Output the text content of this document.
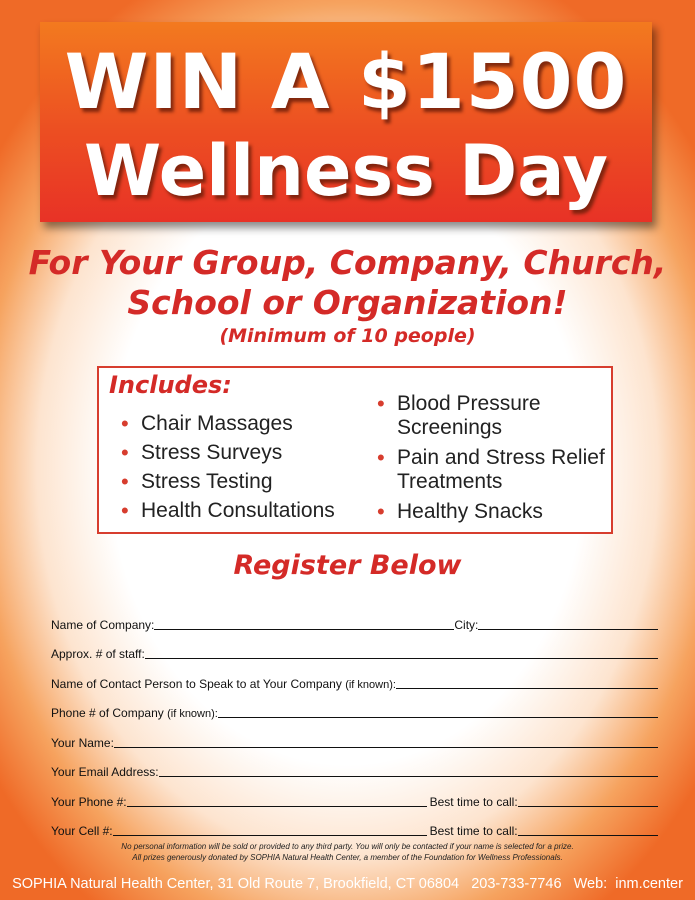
WIN A $1500
Wellness Day
For Your Group, Company, Church,
School or Organization!
(Minimum of 10 people)
Includes:
• Chair Massages
• Stress Surveys
• Stress Testing
• Health Consultations
• Blood Pressure
Screenings
• Pain and Stress Relief
Treatments
• Healthy Snacks
Register Below
Name of Company:	City:
Approx. # of staff:
Name of Contact Person to Speak to at Your Company
(if known):
Phone # of Company
(if known):
Your Name:
Your Email Address:
Your Phone #:	Best time to call:
Your Cell #:	Best time to call:
No personal information will be sold or provided to any third party. You will only be contacted if your name is selected for a prize.
All prizes generously donated by SOPHIA Natural Health Center, a member of the Foundation for Wellness Professionals.
SOPHIA Natural Health Center, 31 Old Route 7, Brookfield, CT 06804   203-733-7746   Web:  inm.center
